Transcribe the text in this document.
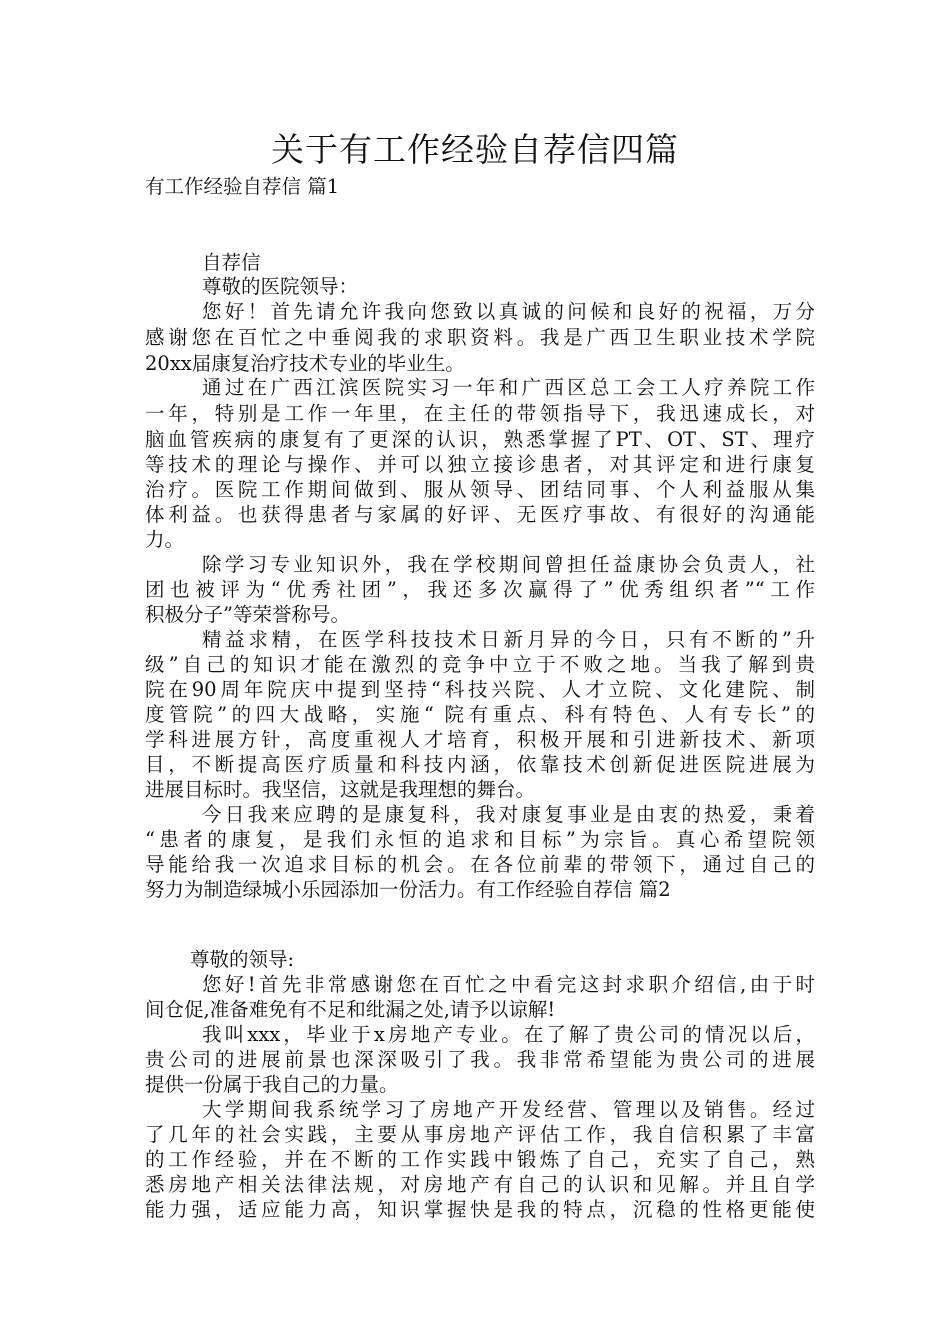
关于有工作经验自荐信四篇
有工作经验自荐信 篇1
自荐信
尊敬的医院领导：
您好！首先请允许我向您致以真诚的问候和良好的祝福，万分
感谢您在百忙之中垂阅我的求职资料。我是广西卫生职业技术学院
20xx届康复治疗技术专业的毕业生。
通过在广西江滨医院实习一年和广西区总工会工人疗养院工作
一年，特别是工作一年里，在主任的带领指导下，我迅速成长，对
脑血管疾病的康复有了更深的认识，熟悉掌握了PT、OT、ST、理疗
等技术的理论与操作、并可以独立接诊患者，对其评定和进行康复
治疗。医院工作期间做到、服从领导、团结同事、个人利益服从集
体利益。也获得患者与家属的好评、无医疗事故、有很好的沟通能
力。
除学习专业知识外，我在学校期间曾担任益康协会负责人，社
团也被评为“优秀社团”，我还多次赢得了”优秀组织者”“工作
积极分子”等荣誉称号。
精益求精，在医学科技技术日新月异的今日，只有不断的”升
级”自己的知识才能在激烈的竞争中立于不败之地。当我了解到贵
院在90周年院庆中提到坚持“科技兴院、人才立院、文化建院、制
度管院”的四大战略，实施“ 院有重点、科有特色、人有专长”的
学科进展方针，高度重视人才培育，积极开展和引进新技术、新项
目，不断提高医疗质量和科技内涵，依靠技术创新促进医院进展为
进展目标时。我坚信，这就是我理想的舞台。
今日我来应聘的是康复科，我对康复事业是由衷的热爱，秉着
“患者的康复，是我们永恒的追求和目标”为宗旨。真心希望院领
导能给我一次追求目标的机会。在各位前辈的带领下，通过自己的
努力为制造绿城小乐园添加一份活力。有工作经验自荐信 篇2
尊敬的领导:
您好!首先非常感谢您在百忙之中看完这封求职介绍信,由于时
间仓促,准备难免有不足和纰漏之处,请予以谅解!
我叫xxx，毕业于x房地产专业。在了解了贵公司的情况以后，
贵公司的进展前景也深深吸引了我。我非常希望能为贵公司的进展
提供一份属于我自己的力量。
大学期间我系统学习了房地产开发经营、管理以及销售。经过
了几年的社会实践，主要从事房地产评估工作，我自信积累了丰富
的工作经验，并在不断的工作实践中锻炼了自己，充实了自己，熟
悉房地产相关法律法规，对房地产有自己的认识和见解。并且自学
能力强，适应能力高，知识掌握快是我的特点，沉稳的性格更能使
